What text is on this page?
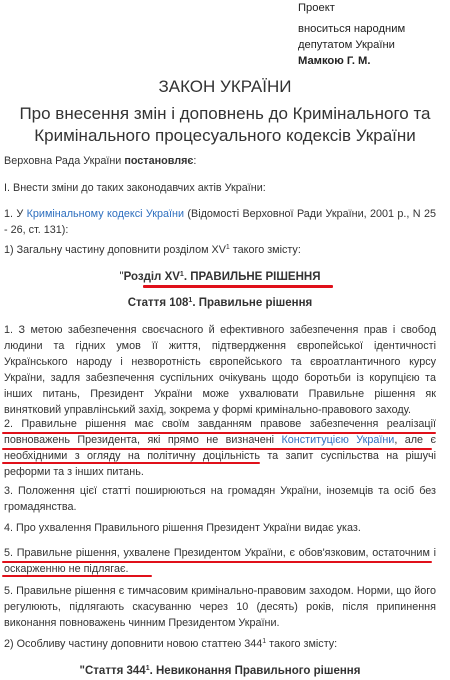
Проект
вноситься народним
депутатом України
Мамкою Г. М.
ЗАКОН УКРАЇНИ
Про внесення змін і доповнень до Кримінального та
Кримінального процесуального кодексів України
Верховна Рада України постановляє:
I. Внести зміни до таких законодавчих актів України:
1. У Кримінальному кодексі України (Відомості Верховної Ради України, 2001 р., N 25 - 26, ст. 131):
1) Загальну частину доповнити розділом $XV^1$ такого змісту:
"Розділ $XV^1$. ПРАВИЛЬНЕ РІШЕННЯ
Стаття $108^1$. Правильне рішення
1. З метою забезпечення своєчасного й ефективного забезпечення прав і свобод людини та гідних умов її життя, підтвердження європейської ідентичності Українського народу і незворотність європейського та євроатлантичного курсу України, задля забезпечення суспільних очікувань щодо боротьби із корупцією та інших питань, Президент України може ухвалювати Правильне рішення як винятковий управлінський захід, зокрема у формі кримінально-правового заходу.
2. Правильне рішення має своїм завданням правове забезпечення реалізації повноважень Президента, які прямо не визначені Конституцією України, але є необхідними з огляду на політичну доцільність та запит суспільства на рішучі реформи та з інших питань.
3. Положення цієї статті поширюються на громадян України, іноземців та осіб без громадянства.
4. Про ухвалення Правильного рішення Президент України видає указ.
5. Правильне рішення, ухвалене Президентом України, є обов'язковим, остаточним і оскарженню не підлягає.
5. Правильне рішення є тимчасовим кримінально-правовим заходом. Норми, що його регулюють, підлягають скасуванню через 10 (десять) років, після припинення виконання повноважень чинним Президентом України.
2) Особливу частину доповнити новою статтею $344^1$ такого змісту:
"Стаття $344^1$. Невиконання Правильного рішення
